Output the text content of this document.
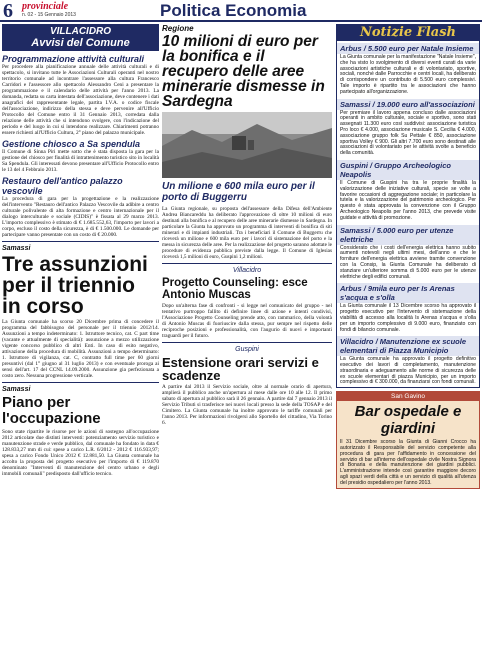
6 provinciale
n. 02 - 15 Gennaio 2013	Politica Economia
VILLACIDRO
Avvisi del Comune
Programmazione attività culturali
Per procedere alla pianificazione annuale delle attività culturali e di spettacolo, si invitano tutte le Associazioni Culturali operanti nel nostro territorio comunale ad incontrare l'assessore alla cultura Francesco Carridori e l'assessore allo spettacolo Alessandro Ceni a presentare la programmazione e il calendario delle attività per l'anno 2013. La domanda, redatta su carta intestata dell'associazione, deve contenere i dati anagrafici del rappresentante legale, partita I.V.A. o codice fiscale dell'associazione, indirizzo della stessa e deve pervenire all'Ufficio Protocollo del Comune entro il 31 Gennaio 2013, corredata dalla relazione delle attività che si intendono svolgere, con l'indicazione del periodo e del luogo in cui si intendono realizzare. Chiarimenti potranno essere richiesti all'Ufficio Cultura, 2° piano del palazzo municipale.
Gestione chiosco a Sa spendula
Il Comune di Sinna Piri mette sotto che è stata disposta la gara per la gestione del chiosco per finalità di intrattenimento turistico sito in località Sa Spendula. Gli interessati devono presentare all'Ufficio Protocollo entro le 13 del 4 Febbraio 2013.
Restauro dell'antico palazzo vescovile
La procedura di gara per la progettazione e la realizzazione dell'intervento "Restauro dell'antico Palazzo Vescovile da adibire a centro culturale polivalente di alta formazione e centro internazionale per il dialogo interculturale e sociale (CIDIS)" è fissata al 29 marzo 2013. L'importo complessivo è stimato di € 1.685.552,63, l'importo per lavori a corpo, escluso il costo della sicurezza, è di € 1.500.000. Le domande per partecipare vanno presentate con un costo di € 20.000.
Samassi
Tre assunzioni per il triennio in corso
La Giunta comunale ha scorso 20 Dicembre prima di concedere il programma del fabbisogno del personale per il triennio 2012/14. Assunzioni a tempo indeterminato: 1. Istruttore tecnico, cat. C part time (vacante e attualmente di specialità): assunzione a mezzo utilizzazione vigente concorso pubblico di altri Enti. In caso di esito negativo, attivazione della procedura di mobilità. Assunzioni a tempo determinato: 1. Istruttore di vigilanza, cat. C, contratto full time per 60 giorni presuntivi (dal 1° giugno al 31 luglio 2013) e con eventuale proroga ai sensi dell'art. 17 del CCNL 14.09.2000. Assunzione gia perfezionata a costo zero. Nessuna progressione verticale.
Samassi
Piano per l'occupazione
Sono state ripartite le risorse per le azioni di sostegno all'occupazione 2012 articolate due distinti interventi: potenziamento servizio turistico e manutenzione strade e verde pubblico, dal comunale ha fondato in data € 128.833,27 mm di cui: spese a carico L.R. 6/2012 - 2012 € 116.933,97; spesa a carico Fondo Unico 2012 € 12.881,50. La Giunta comunale ha accolto la proposta del progetto esecutivo per l'importo di € 119.870 denominato "Interventi di manutenzione del centro urbano e degli immobili comunali" predisposto dall'ufficio tecnico.
Regione
10 milioni di euro per la bonifica e il recupero delle aree minerarie dismesse in Sardegna
Un milione e 600 mila euro per il porto di Buggerru
La Giunta regionale, su proposta dell'assessore della Difesa dell'Ambiente Andrea Biancareddu ha deliberato l'approvazione di oltre 10 milioni di euro destinati alla bonifica e al recupero delle aree minerarie dismesse in Sardegna. In particolare la Giunta ha approvato un programma di interventi di bonifica di siti minerari e di impianti industriali. Tra i beneficiari il Comune di Buggerru che riceverà un milione e 600 mila euro per i lavori di sistemazione del porto e la messa in sicurezza delle aree. Per la realizzazione del progetto saranno adottate le procedure di evidenza pubblica previste dalla legge. Il Comune di Iglesias riceverà 1,5 milioni di euro, Guspini 1,2 milioni.
Villacidro
Progetto Counseling: esce Antonio Muscas
Dopo un'alterna fase di confronti - si legge nel comunicato del gruppo - nel tentativo purtroppo fallito di definire linee di azione e intenti condivisi, l'Associazione Progetto Counseling prende atto, con rammarico, della volontà di Antonio Muscas di fuoriuscire dalla stessa, pur sempre nel rispetto delle reciproche posizioni e professionalità, con l'augurio di nuovi e importanti traguardi per il futuro.
Guspini
Estensione orari servizi e scadenze
A partire dal 2013 il Servizio sociale, oltre al normale orario di apertura, amplierà il pubblico anche un'apertura al mese dalle ore 10 alle 12. Il primo sabato di apertura al pubblico sarà il 26 gennaio. A partire dal 7 gennaio 2013 il Servizio Tributi si trasferisce nei nuovi locali presso la sede della TOSAP e del Cimitero. La Giunta comunale ha inoltre approvato le tariffe comunali per l'anno 2013. Per informazioni rivolgersi allo Sportello del cittadino, Via Torino 6.
Notizie Flash
Arbus / 5.500 euro per Natale Insieme
La Giunta comunale per la manifestazione "Natale Insieme", che ha visto lo svolgimento di diversi eventi curati da varie associazioni artistiche culturali e di volontariato, sportive, sociali, nonché dalle Parrocchie e centri locali, ha deliberato di corrispondere un contributo di 5.500 euro complessivi. Tale importo è ripartito tra le associazioni che hanno partecipato all'organizzazione.
Samassi / 19.000 euro all'associazioni
Per premiare il lavoro appena concluso dalle associazioni operanti in ambito culturale, sociale e sportivo, sono stati assegnati 11.300 euro così suddivisi: associazione turistica Pro loco € 4.000, associazione musicale S. Cecilia € 4.000, associazione gruppo folk Su Pettale € 850, associazione sportiva Volley € 900. Gli altri 7.700 euro sono destinati alle associazioni di volontariato per le attività svolte a beneficio della comunità.
Guspini / Gruppo Archeologico Neapolis
Il Comune di Guspini ha tra le proprie finalità la valorizzazione delle iniziative culturali, specie se volte a favorire occasioni di aggregazione sociale; in particolare la tutela e la valorizzazione del patrimonio archeologico. Per questo è stata approvata la convenzione con il Gruppo Archeologico Neapolis per l'anno 2013, che prevede visite guidate e attività di promozione.
Samassi / 5.000 euro per utenze elettriche
Considerato che i costi dell'energia elettrica hanno subito aumenti notevoli negli ultimi mesi, dell'anno e che le forniture dell'energia elettrica avviene tramite convenzione con la Consip, la Giunta Comunale ha deliberato di stanziare un'ulteriore somma di 5.000 euro per le utenze elettriche degli edifici comunali.
Arbus / 9mila euro per Is Arenas s'acqua e s'olla
La Giunta comunale il 13 Dicembre scorso ha approvato il progetto esecutivo per l'intervento di sistemazione della viabilità di accesso alla località Is Arenas s'acqua e s'olla per un importo complessivo di 9.000 euro, finanziato con fondi di bilancio comunale.
Villacidro / Manutenzione ex scuole elementari di Piazza Municipio
La Giunta comunale ha approvato il progetto definitivo esecutivo dei lavori di completamento, manutenzione straordinaria e adeguamento alle norme di sicurezza delle ex scuole elementari di piazza Municipio, per un importo complessivo di € 300.000, da finanziarsi con fondi comunali.
San Gavino
Bar ospedale e giardini
Il 31 Dicembre scorso la Giunta di Gianni Crocco ha autorizzato il Responsabile del servizio competente alla procedura di gara per l'affidamento in concessione del servizio di bar all'interno dell'ospedale civile Nostra Signora di Bonaria e della manutenzione dei giardini pubblici. L'amministrazione intende così garantire maggiore decoro agli spazi verdi della città e un servizio di qualità all'utenza del presidio ospedaliero per l'anno 2013.
